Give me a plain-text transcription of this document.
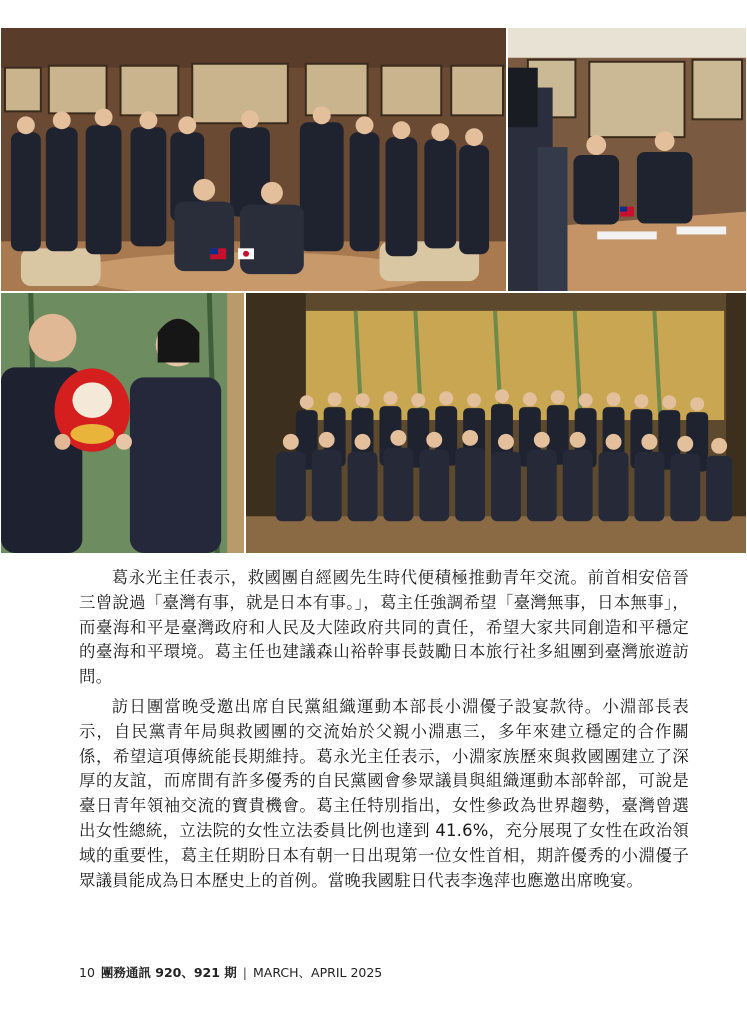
葛永光主任表示，救國團自經國先生時代便積極推動青年交流。前首相安倍晉三曾說過「臺灣有事，就是日本有事。」，葛主任強調希望「臺灣無事，日本無事」，而臺海和平是臺灣政府和人民及大陸政府共同的責任，希望大家共同創造和平穩定的臺海和平環境。葛主任也建議森山裕幹事長鼓勵日本旅行社多組團到臺灣旅遊訪問。

訪日團當晚受邀出席自民黨組織運動本部長小淵優子設宴款待。小淵部長表示，自民黨青年局與救國團的交流始於父親小淵惠三，多年來建立穩定的合作關係，希望這項傳統能長期維持。葛永光主任表示，小淵家族歷來與救國團建立了深厚的友誼，而席間有許多優秀的自民黨國會參眾議員與組織運動本部幹部，可說是臺日青年領袖交流的寶貴機會。葛主任特別指出，女性參政為世界趨勢，臺灣曾選出女性總統，立法院的女性立法委員比例也達到 41.6%，充分展現了女性在政治領域的重要性，葛主任期盼日本有朝一日出現第一位女性首相，期許優秀的小淵優子眾議員能成為日本歷史上的首例。當晚我國駐日代表李逸萍也應邀出席晚宴。

10 團務通訊 920、921 期 | MARCH、APRIL 2025
